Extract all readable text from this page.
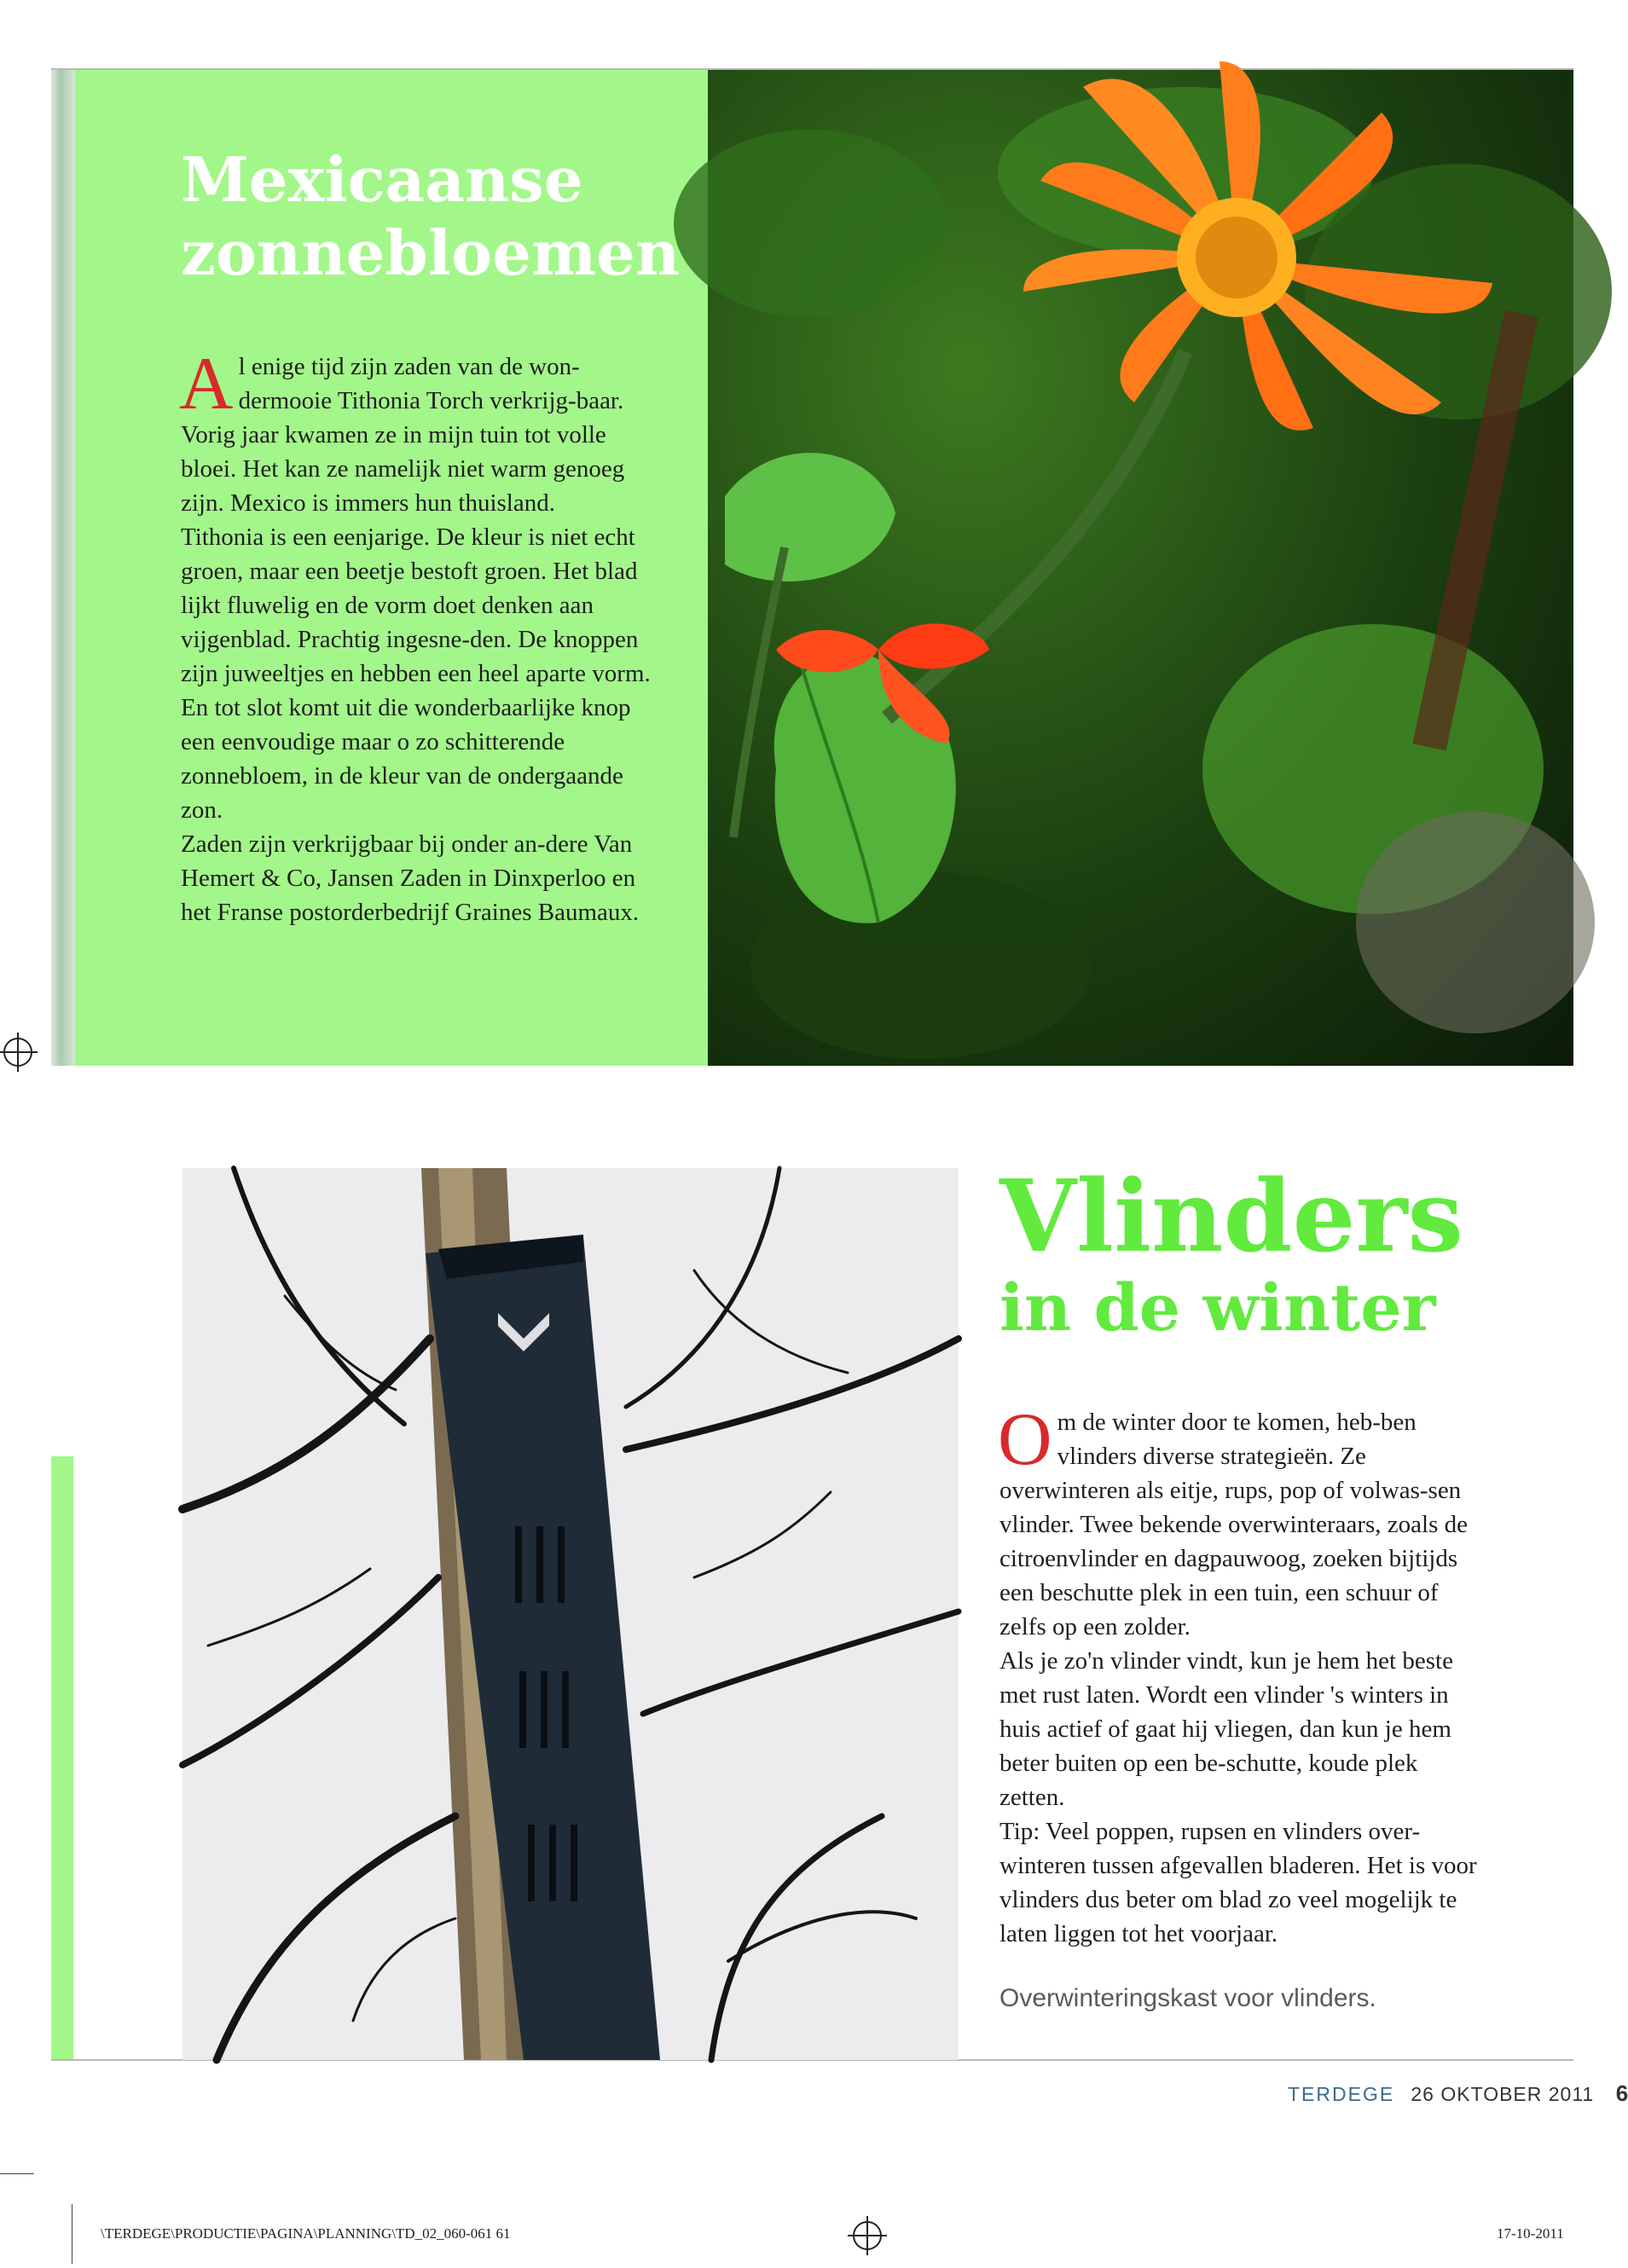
Mexicaanse
zonnebloemen

Al enige tijd zijn zaden van de won-dermooie Tithonia Torch verkrijg-baar. Vorig jaar kwamen ze in mijn tuin tot volle bloei. Het kan ze namelijk niet warm genoeg zijn. Mexico is immers hun thuisland.

Tithonia is een eenjarige. De kleur is niet echt groen, maar een beetje bestoft groen. Het blad lijkt fluwelig en de vorm doet denken aan vijgenblad. Prachtig ingesne-den. De knoppen zijn juweeltjes en hebben een heel aparte vorm. En tot slot komt uit die wonderbaarlijke knop een eenvoudige maar o zo schitterende zonnebloem, in de kleur van de ondergaande zon.

Zaden zijn verkrijgbaar bij onder an-dere Van Hemert & Co, Jansen Zaden in Dinxperloo en het Franse postorderbedrijf Graines Baumaux.

Vlinders
in de winter

Om de winter door te komen, heb-ben vlinders diverse strategieën. Ze overwinteren als eitje, rups, pop of volwas-sen vlinder. Twee bekende overwinteraars, zoals de citroenvlinder en dagpauwoog, zoeken bijtijds een beschutte plek in een tuin, een schuur of zelfs op een zolder.

Als je zo'n vlinder vindt, kun je hem het beste met rust laten. Wordt een vlinder 's winters in huis actief of gaat hij vliegen, dan kun je hem beter buiten op een be-schutte, koude plek zetten.

Tip: Veel poppen, rupsen en vlinders over-winteren tussen afgevallen bladeren. Het is voor vlinders dus beter om blad zo veel mogelijk te laten liggen tot het voorjaar.

Overwinteringskast voor vlinders.
TERDEGE 26 OKTOBER 2011 6
\TERDEGE\PRODUCTIE\PAGINA\PLANNING\TD_02_060-061 61	17-10-2011
